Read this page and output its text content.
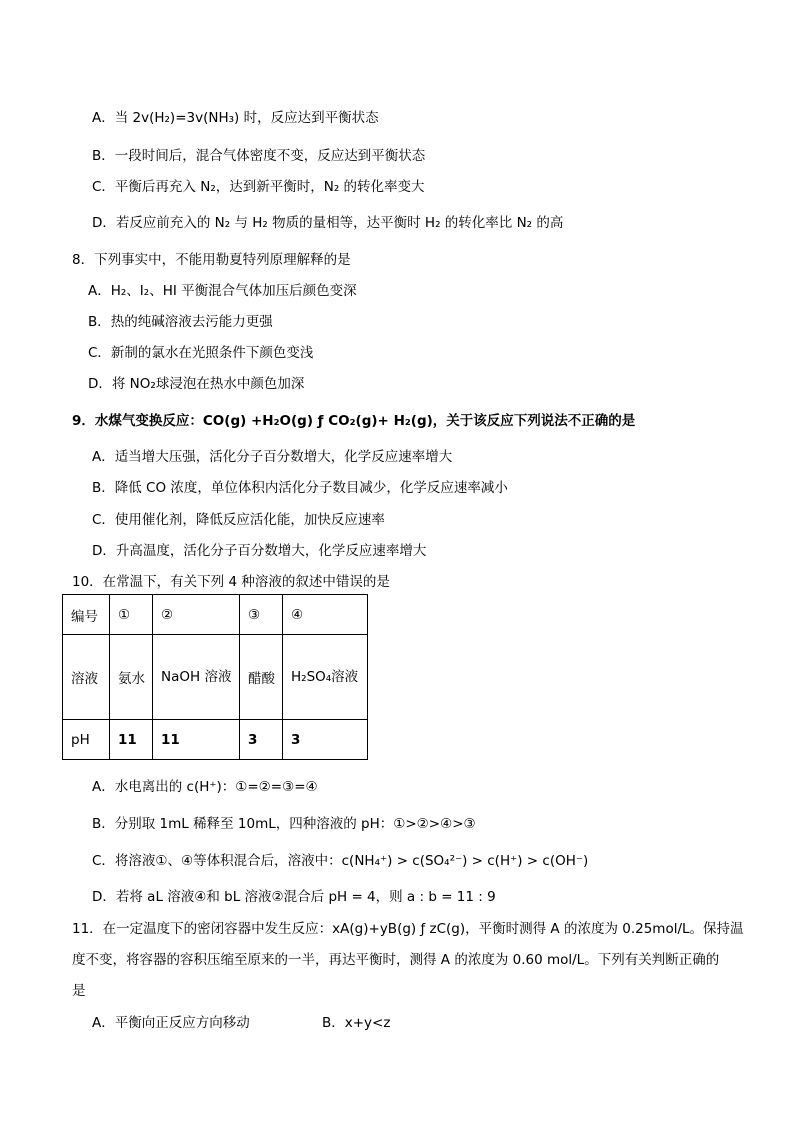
A．当 2v(H₂)=3v(NH₃) 时，反应达到平衡状态
B．一段时间后，混合气体密度不变，反应达到平衡状态
C．平衡后再充入 N₂，达到新平衡时，N₂ 的转化率变大
D．若反应前充入的 N₂ 与 H₂ 物质的量相等，达平衡时 H₂ 的转化率比 N₂ 的高
8．下列事实中，不能用勒夏特列原理解释的是
A．H₂、I₂、HI 平衡混合气体加压后颜色变深
B．热的纯碱溶液去污能力更强
C．新制的氯水在光照条件下颜色变浅
D．将 NO₂球浸泡在热水中颜色加深
9．水煤气变换反应：CO(g) +H₂O(g) ƒ CO₂(g)+ H₂(g)，关于该反应下列说法不正确的是
A．适当增大压强，活化分子百分数增大，化学反应速率增大
B．降低 CO 浓度，单位体积内活化分子数目减少，化学反应速率减小
C．使用催化剂，降低反应活化能，加快反应速率
D．升高温度，活化分子百分数增大，化学反应速率增大
10．在常温下，有关下列 4 种溶液的叙述中错误的是
编号	①	②	③	④
溶液	氨水	NaOH 溶液	醋酸	H₂SO₄溶液
pH	11	11	3	3
A．水电离出的 c(H⁺)：①=②=③=④
B．分别取 1mL 稀释至 10mL，四种溶液的 pH：①>②>④>③
C．将溶液①、④等体积混合后，溶液中：c(NH₄⁺) > c(SO₄²⁻) > c(H⁺) > c(OH⁻)
D．若将 aL 溶液④和 bL 溶液②混合后 pH = 4，则 a : b = 11 : 9
11．在一定温度下的密闭容器中发生反应：xA(g)+yB(g) ƒ zC(g)，平衡时测得 A 的浓度为 0.25mol/L。保持温
度不变，将容器的容积压缩至原来的一半，再达平衡时，测得 A 的浓度为 0.60 mol/L。下列有关判断正确的
是
A．平衡向正反应方向移动	B．x+y<z
